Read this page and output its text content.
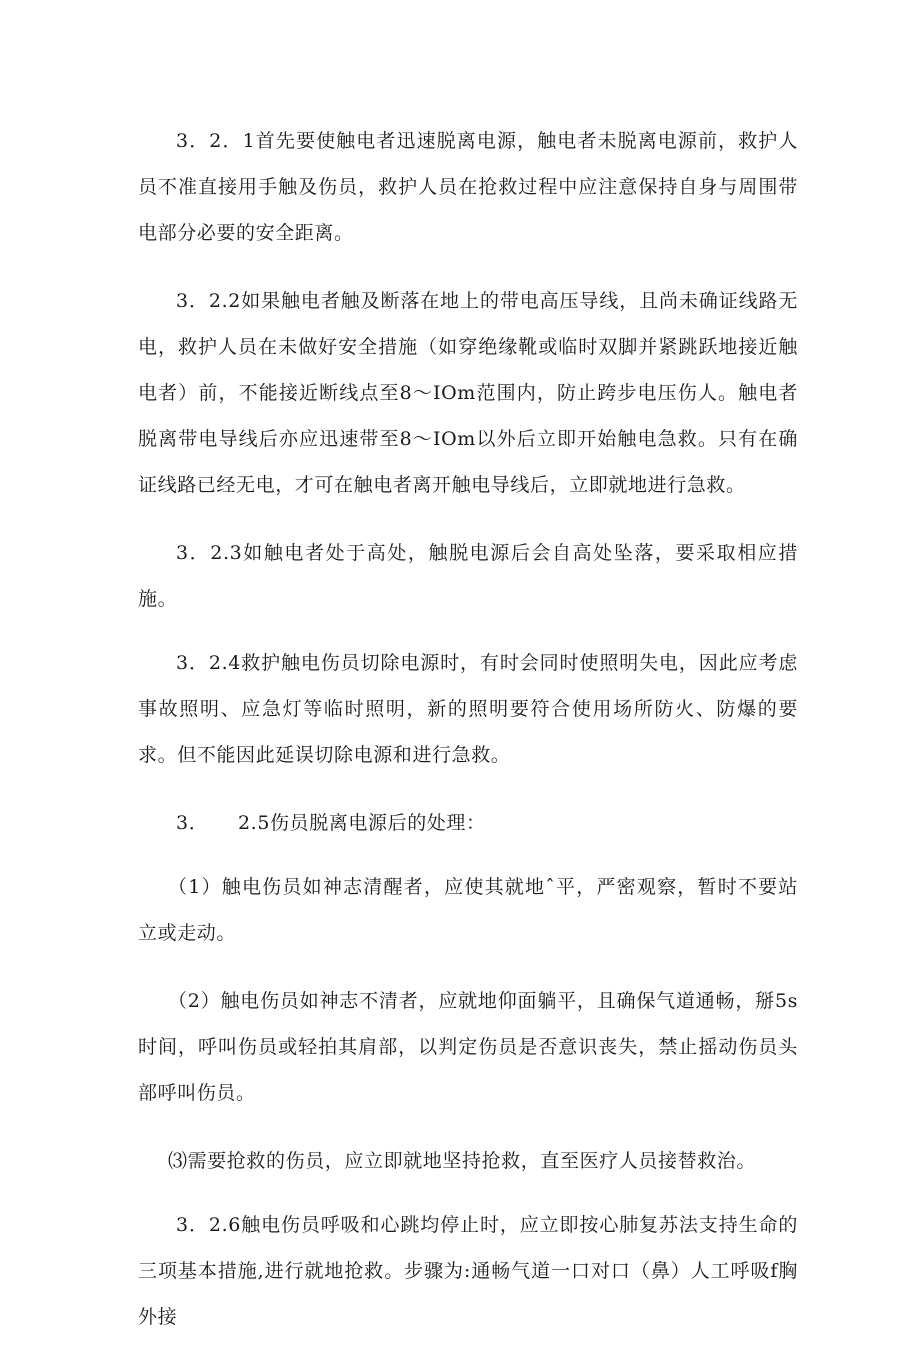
3．2．1首先要使触电者迅速脱离电源，触电者未脱离电源前，救护人员不准直接用手触及伤员，救护人员在抢救过程中应注意保持自身与周围带电部分必要的安全距离。

3．2.2如果触电者触及断落在地上的带电高压导线，且尚未确证线路无电，救护人员在未做好安全措施（如穿绝缘靴或临时双脚并紧跳跃地接近触电者）前，不能接近断线点至8～IOm范围内，防止跨步电压伤人。触电者脱离带电导线后亦应迅速带至8～IOm以外后立即开始触电急救。只有在确证线路已经无电，才可在触电者离开触电导线后，立即就地进行急救。

3．2.3如触电者处于高处，触脱电源后会自高处坠落，要采取相应措施。

3．2.4救护触电伤员切除电源时，有时会同时使照明失电，因此应考虑事故照明、应急灯等临时照明，新的照明要符合使用场所防火、防爆的要求。但不能因此延误切除电源和进行急救。

3．　　2.5伤员脱离电源后的处理：

（1）触电伤员如神志清醒者，应使其就地ˆ平，严密观察，暂时不要站立或走动。

（2）触电伤员如神志不清者，应就地仰面躺平，且确保气道通畅，掰5s时间，呼叫伤员或轻拍其肩部，以判定伤员是否意识丧失，禁止摇动伤员头部呼叫伤员。

⑶需要抢救的伤员，应立即就地坚持抢救，直至医疗人员接替救治。

3．2.6触电伤员呼吸和心跳均停止时，应立即按心肺复苏法支持生命的三项基本措施,进行就地抢救。步骤为:通畅气道一口对口（鼻）人工呼吸f胸外接
